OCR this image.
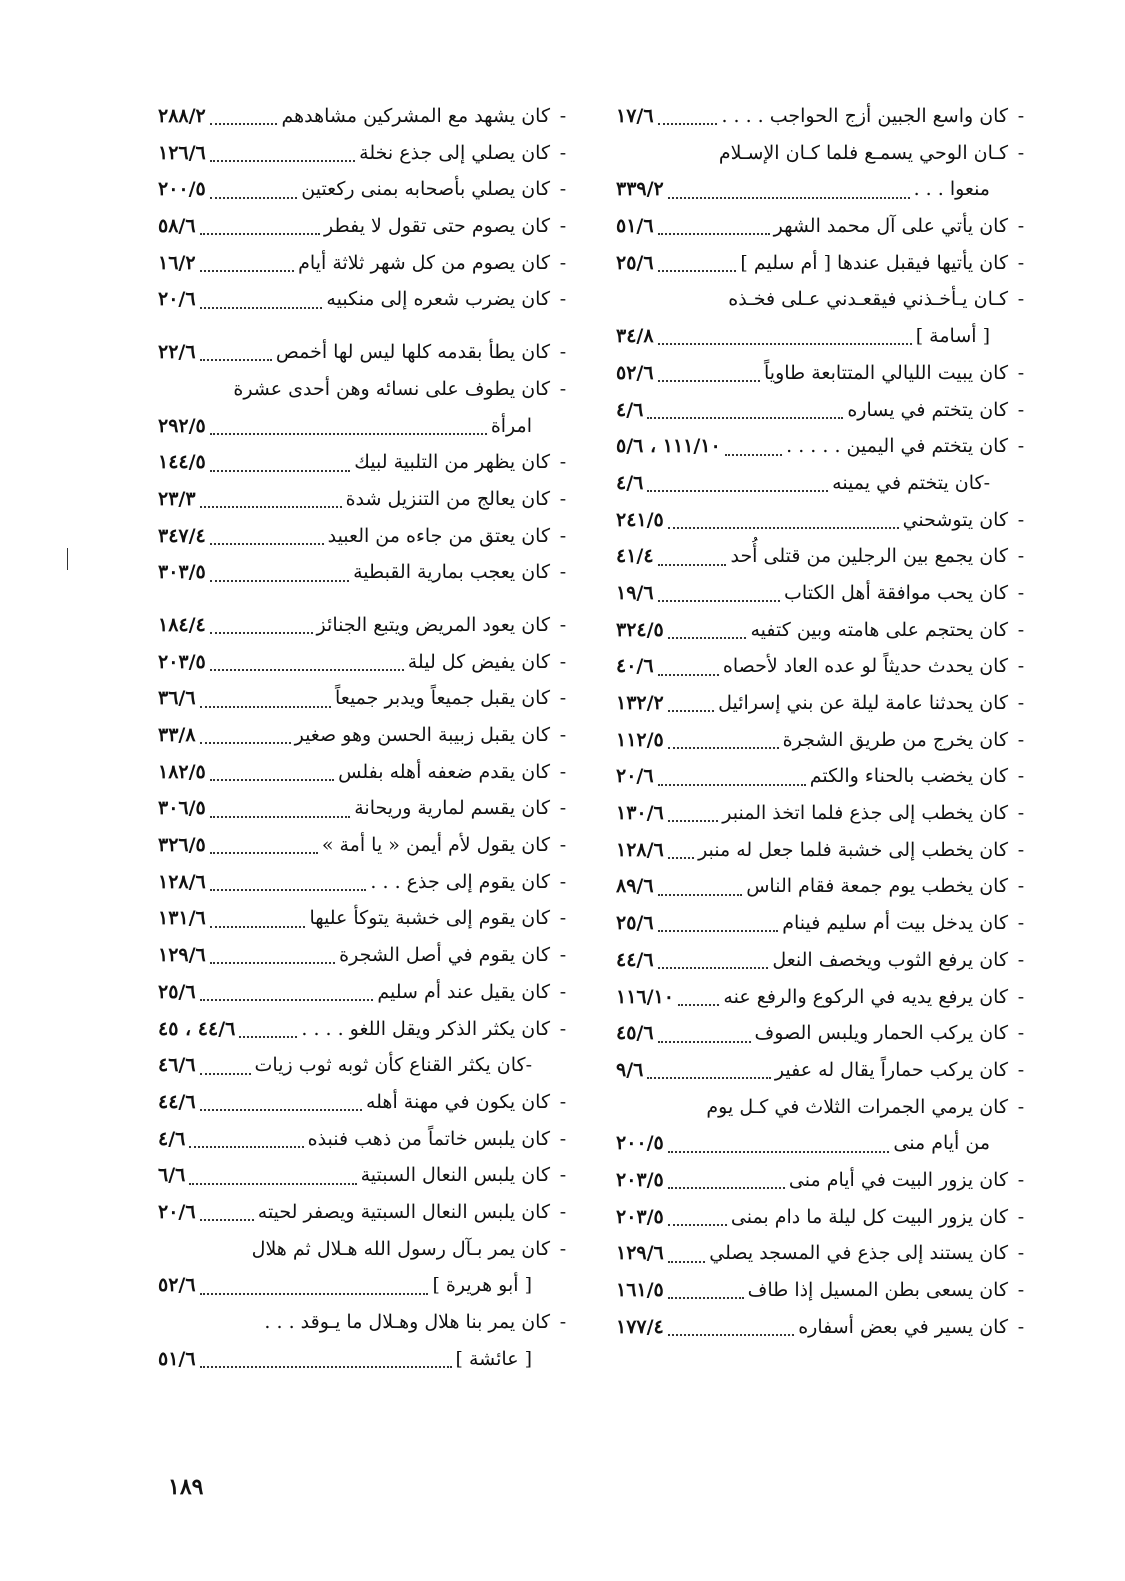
-
كان واسع الجبين أزج الحواجب . . . .
١٧/٦
-
كـان الوحي يسمـع فلما كـان الإسـلام
منعوا . . .
٣٣٩/٢
-
كان يأتي على آل محمد الشهر
٥١/٦
-
كان يأتيها فيقبل عندها [ أم سليم ]
٢٥/٦
-
كـان يـأخـذني فيقعـدني عـلى فخـذه
[ أسامة ]
٣٤/٨
-
كان يبيت الليالي المتتابعة طاوياً
٥٢/٦
-
كان يتختم في يساره
٤/٦
-
كان يتختم في اليمين . . . . .
١١١/١٠ ، ٥/٦
-
كان يتختم في يمينه
٤/٦
-
كان يتوشحني
٢٤١/٥
-
كان يجمع بين الرجلين من قتلى أُحد
٤١/٤
-
كان يحب موافقة أهل الكتاب
١٩/٦
-
كان يحتجم على هامته وبين كتفيه
٣٢٤/٥
-
كان يحدث حديثاً لو عده العاد لأحصاه
٤٠/٦
-
كان يحدثنا عامة ليلة عن بني إسرائيل
١٣٢/٢
-
كان يخرج من طريق الشجرة
١١٢/٥
-
كان يخضب بالحناء والكتم
٢٠/٦
-
كان يخطب إلى جذع فلما اتخذ المنبر
١٣٠/٦
-
كان يخطب إلى خشبة فلما جعل له منبر
١٢٨/٦
-
كان يخطب يوم جمعة فقام الناس
٨٩/٦
-
كان يدخل بيت أم سليم فينام
٢٥/٦
-
كان يرفع الثوب ويخصف النعل
٤٤/٦
-
كان يرفع يديه في الركوع والرفع عنه
١١٦/١٠
-
كان يركب الحمار ويلبس الصوف
٤٥/٦
-
كان يركب حماراً يقال له عفير
٩/٦
-
كان يرمي الجمرات الثلاث في كـل يوم
من أيام منى
٢٠٠/٥
-
كان يزور البيت في أيام منى
٢٠٣/٥
-
كان يزور البيت كل ليلة ما دام بمنى
٢٠٣/٥
-
كان يستند إلى جذع في المسجد يصلي
١٢٩/٦
-
كان يسعى بطن المسيل إذا طاف
١٦١/٥
-
كان يسير في بعض أسفاره
١٧٧/٤
-
كان يشهد مع المشركين مشاهدهم
٢٨٨/٢
-
كان يصلي إلى جذع نخلة
١٢٦/٦
-
كان يصلي بأصحابه بمنى ركعتين
٢٠٠/٥
-
كان يصوم حتى تقول لا يفطر
٥٨/٦
-
كان يصوم من كل شهر ثلاثة أيام
١٦/٢
-
كان يضرب شعره إلى منكبيه
٢٠/٦
-
كان يطأ بقدمه كلها ليس لها أخمص
٢٢/٦
-
كان يطوف على نسائه وهن أحدى عشرة
امرأة
٢٩٢/٥
-
كان يظهر من التلبية لبيك
١٤٤/٥
-
كان يعالج من التنزيل شدة
٢٣/٣
-
كان يعتق من جاءه من العبيد
٣٤٧/٤
-
كان يعجب بمارية القبطية
٣٠٣/٥
-
كان يعود المريض ويتبع الجنائز
١٨٤/٤
-
كان يفيض كل ليلة
٢٠٣/٥
-
كان يقبل جميعاً ويدبر جميعاً
٣٦/٦
-
كان يقبل زبيبة الحسن وهو صغير
٣٣/٨
-
كان يقدم ضعفه أهله بفلس
١٨٢/٥
-
كان يقسم لمارية وريحانة
٣٠٦/٥
-
كان يقول لأم أيمن « يا أمة »
٣٢٦/٥
-
كان يقوم إلى جذع . . .
١٢٨/٦
-
كان يقوم إلى خشبة يتوكأ عليها
١٣١/٦
-
كان يقوم في أصل الشجرة
١٢٩/٦
-
كان يقيل عند أم سليم
٢٥/٦
-
كان يكثر الذكر ويقل اللغو . . . .
٤٤/٦ ، ٤٥
-
كان يكثر القناع كأن ثوبه ثوب زيات
٤٦/٦
-
كان يكون في مهنة أهله
٤٤/٦
-
كان يلبس خاتماً من ذهب فنبذه
٤/٦
-
كان يلبس النعال السبتية
٦/٦
-
كان يلبس النعال السبتية ويصفر لحيته
٢٠/٦
-
كان يمر بـآل رسول الله هـلال ثم هلال
[ أبو هريرة ]
٥٢/٦
-
كان يمر بنا هلال وهـلال ما يـوقد . . .
[ عائشة ]
٥١/٦
١٨٩
